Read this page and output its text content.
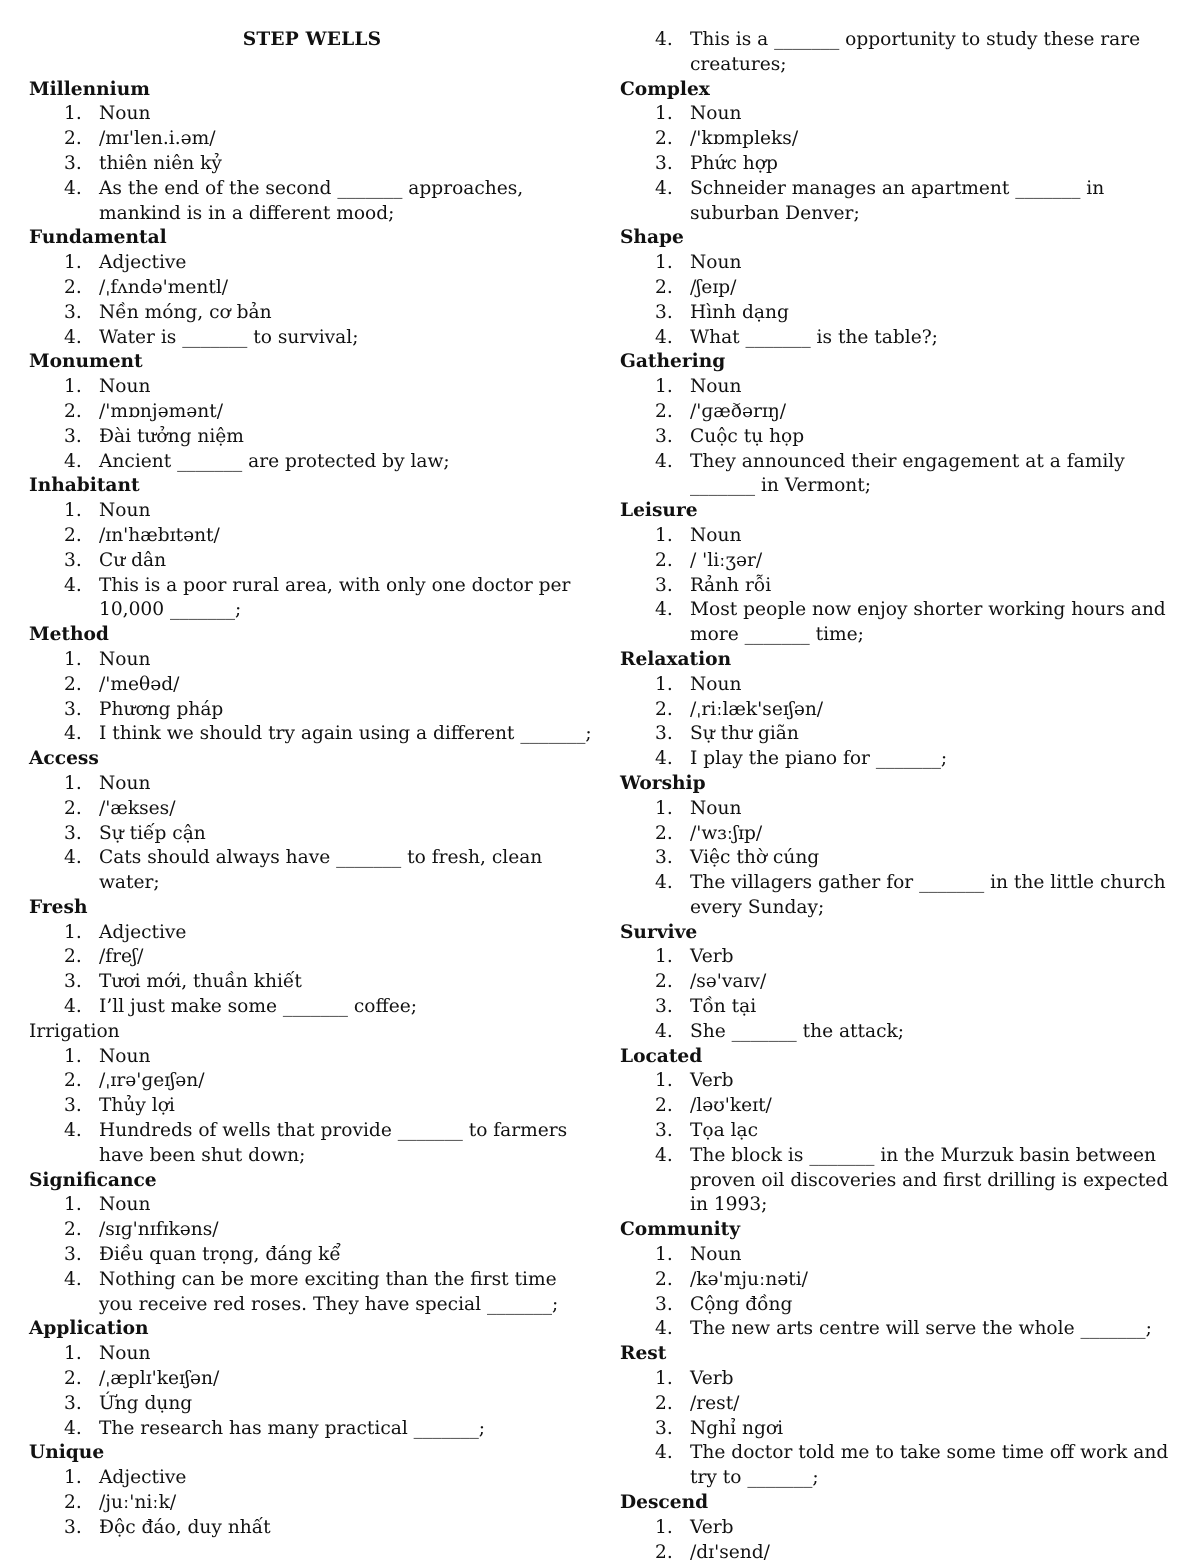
STEP WELLS
Millennium
1. Noun
2. /mɪ'len.i.əm/
3. thiên niên kỷ
4. As the end of the second _______ approaches, mankind is in a different mood;
Fundamental
1. Adjective
2. /ˌfʌndə'mentl/
3. Nền móng, cơ bản
4. Water is _______ to survival;
Monument
1. Noun
2. /'mɒnjəmənt/
3. Đài tưởng niệm
4. Ancient _______ are protected by law;
Inhabitant
1. Noun
2. /ɪn'hæbɪtənt/
3. Cư dân
4. This is a poor rural area, with only one doctor per 10,000 _______;
Method
1. Noun
2. /'meθəd/
3. Phương pháp
4. I think we should try again using a different _______;
Access
1. Noun
2. /'ækses/
3. Sự tiếp cận
4. Cats should always have _______ to fresh, clean water;
Fresh
1. Adjective
2. /freʃ/
3. Tươi mới, thuần khiết
4. I’ll just make some _______ coffee;
Irrigation
1. Noun
2. /ˌɪrə'ɡeɪʃən/
3. Thủy lợi
4. Hundreds of wells that provide _______ to farmers have been shut down;
Significance
1. Noun
2. /sɪɡ'nɪfɪkəns/
3. Điều quan trọng, đáng kể
4. Nothing can be more exciting than the first time you receive red roses. They have special _______;
Application
1. Noun
2. /ˌæplɪ'keɪʃən/
3. Ứng dụng
4. The research has many practical _______;
Unique
1. Adjective
2. /juː'niːk/
3. Độc đáo, duy nhất
4. This is a _______ opportunity to study these rare creatures;
Complex
1. Noun
2. /'kɒmpleks/
3. Phức hợp
4. Schneider manages an apartment _______ in suburban Denver;
Shape
1. Noun
2. /ʃeɪp/
3. Hình dạng
4. What _______ is the table?;
Gathering
1. Noun
2. /'ɡæðərɪŋ/
3. Cuộc tụ họp
4. They announced their engagement at a family _______ in Vermont;
Leisure
1. Noun
2. / 'liːʒər/
3. Rảnh rỗi
4. Most people now enjoy shorter working hours and more _______ time;
Relaxation
1. Noun
2. /ˌriːlæk'seɪʃən/
3. Sự thư giãn
4. I play the piano for _______;
Worship
1. Noun
2. /'wɜːʃɪp/
3. Việc thờ cúng
4. The villagers gather for _______ in the little church every Sunday;
Survive
1. Verb
2. /sə'vaɪv/
3. Tồn tại
4. She _______ the attack;
Located
1. Verb
2. /ləʊ'keɪt/
3. Tọa lạc
4. The block is _______ in the Murzuk basin between proven oil discoveries and first drilling is expected in 1993;
Community
1. Noun
2. /kə'mjuːnəti/
3. Cộng đồng
4. The new arts centre will serve the whole _______;
Rest
1. Verb
2. /rest/
3. Nghỉ ngơi
4. The doctor told me to take some time off work and try to _______;
Descend
1. Verb
2. /dɪ'send/
